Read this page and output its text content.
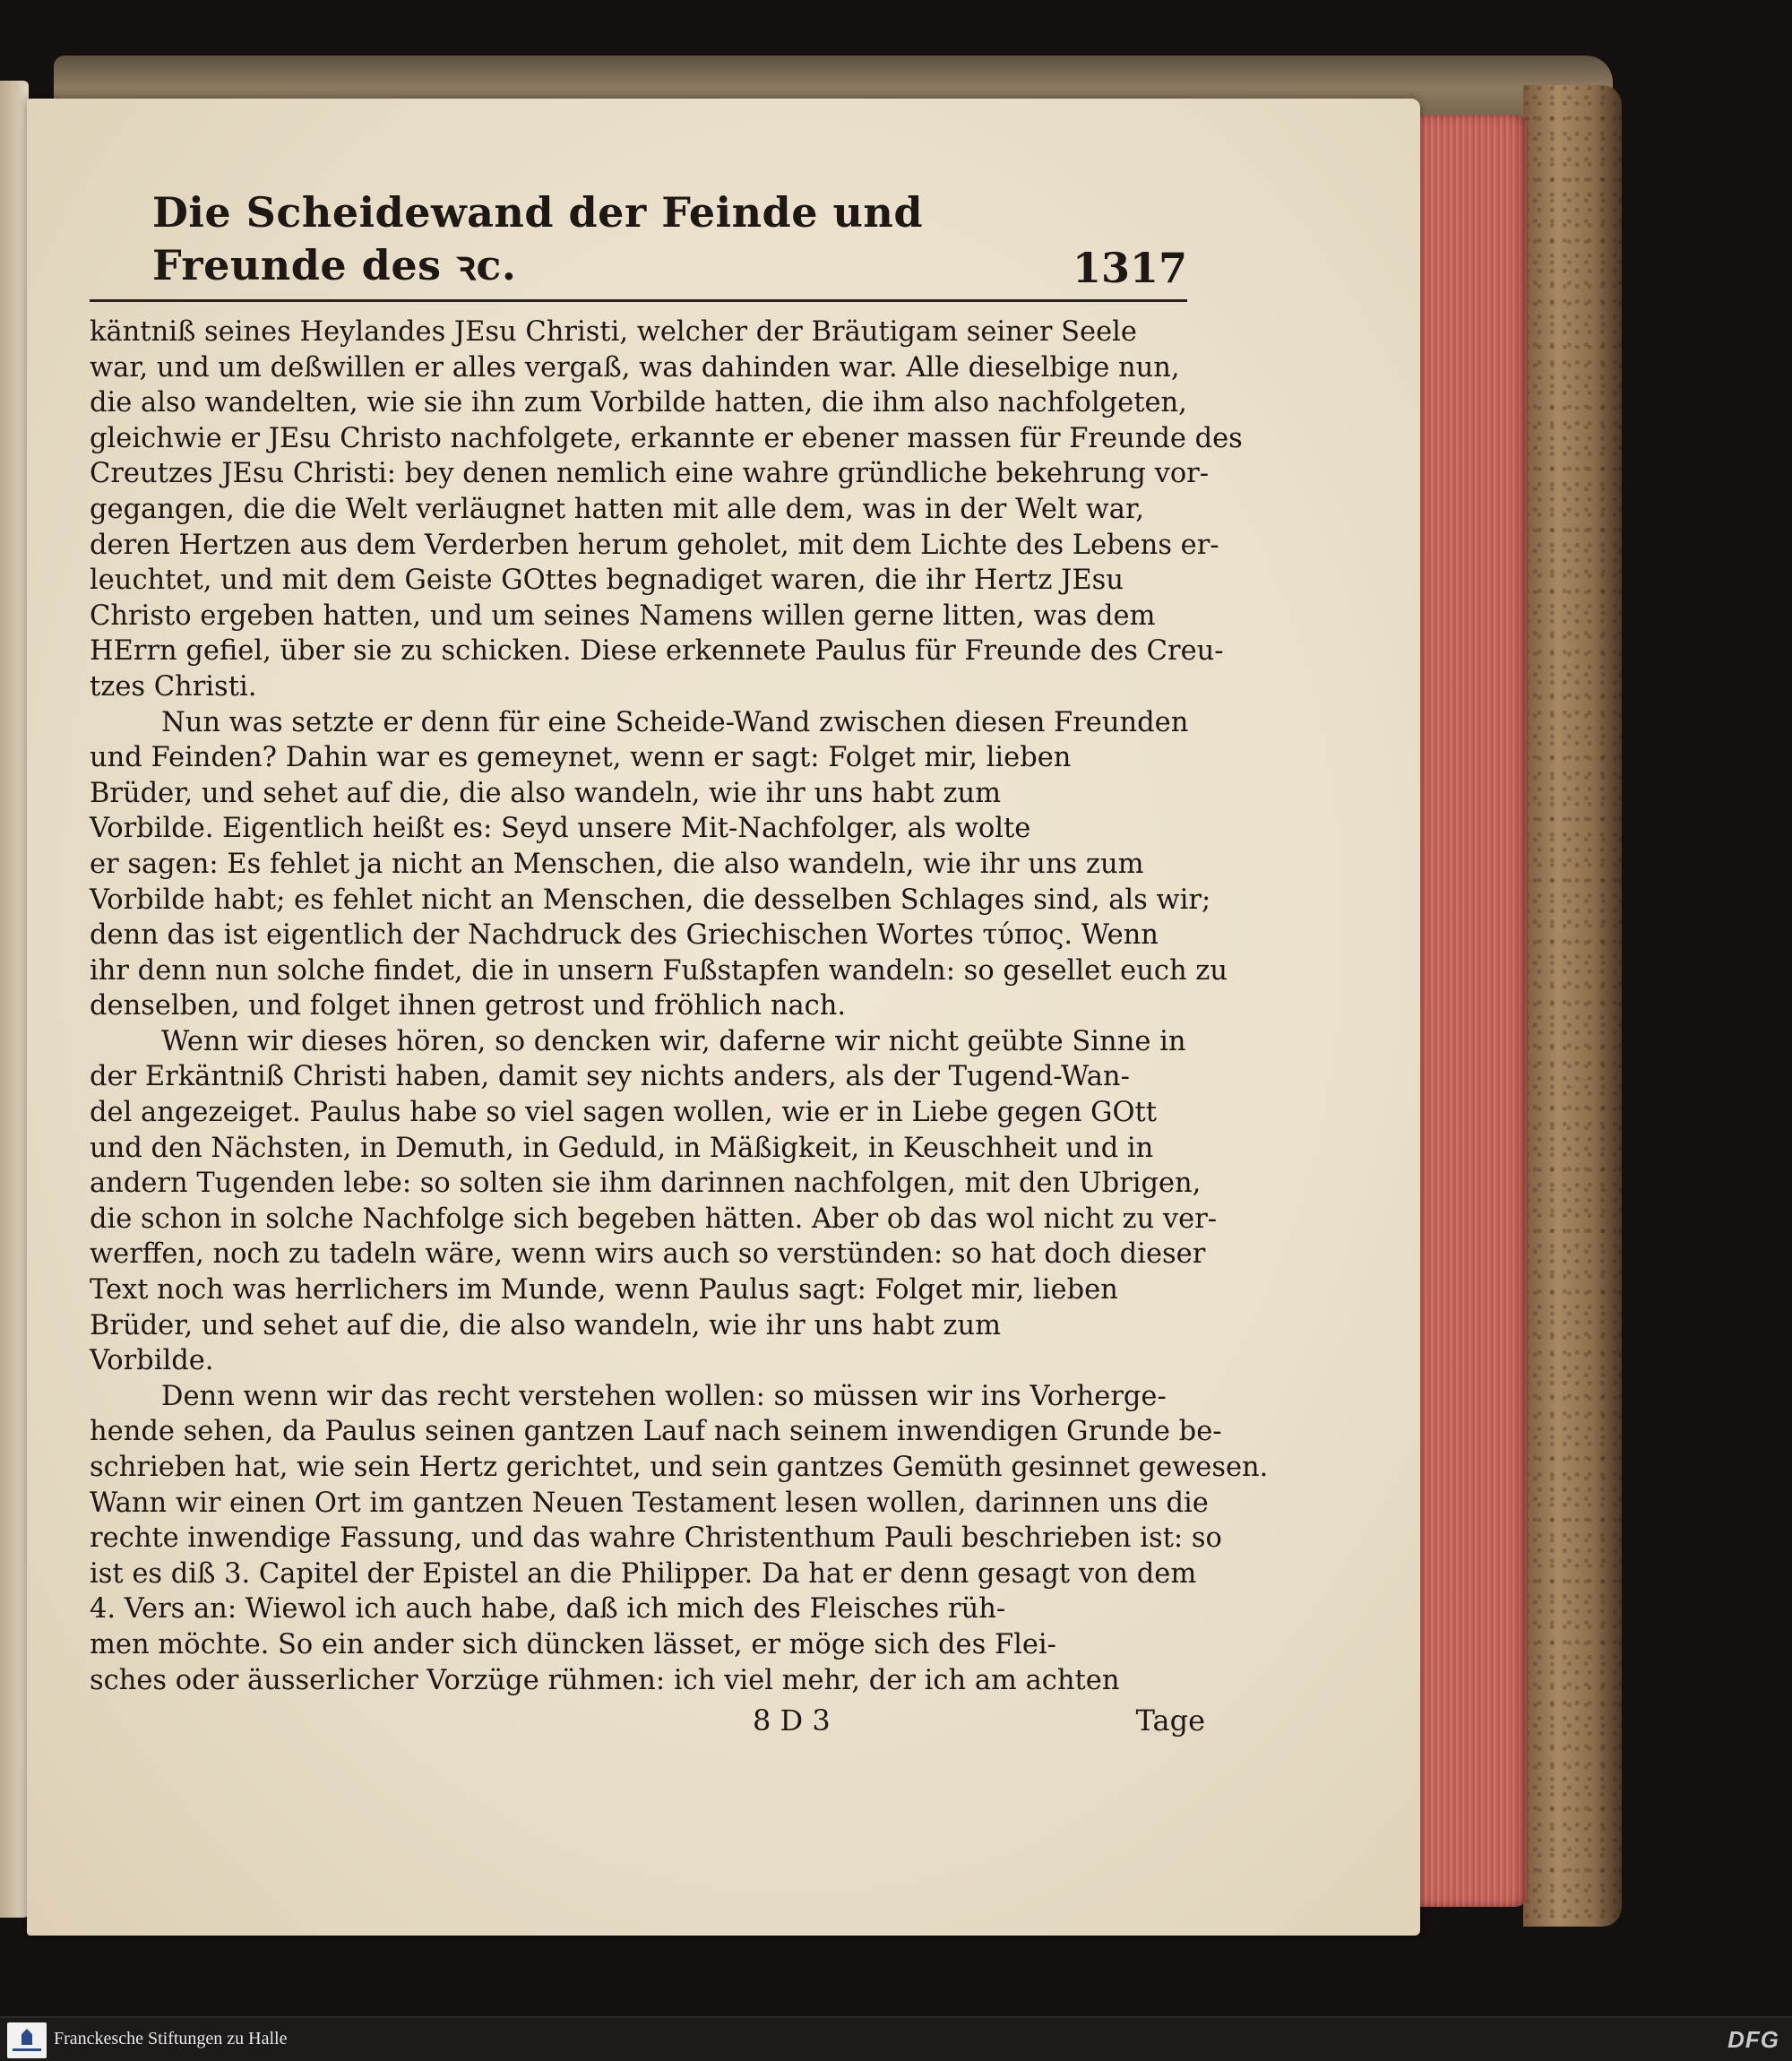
Die Scheidewand der Feinde und Freunde des ꝛc.	1317
käntniß seines Heylandes JEsu Christi, welcher der Bräutigam seiner Seele
war, und um deßwillen er alles vergaß, was dahinden war. Alle dieselbige nun,
die also wandelten, wie sie ihn zum Vorbilde hatten, die ihm also nachfolgeten,
gleichwie er JEsu Christo nachfolgete, erkannte er ebener massen für Freunde des
Creutzes JEsu Christi: bey denen nemlich eine wahre gründliche bekehrung vor-
gegangen, die die Welt verläugnet hatten mit alle dem, was in der Welt war,
deren Hertzen aus dem Verderben herum geholet, mit dem Lichte des Lebens er-
leuchtet, und mit dem Geiste GOttes begnadiget waren, die ihr Hertz JEsu
Christo ergeben hatten, und um seines Namens willen gerne litten, was dem
HErrn gefiel, über sie zu schicken. Diese erkennete Paulus für Freunde des Creu-
tzes Christi.
Nun was setzte er denn für eine Scheide-Wand zwischen diesen Freunden
und Feinden? Dahin war es gemeynet, wenn er sagt: Folget mir, lieben
Brüder, und sehet auf die, die also wandeln, wie ihr uns habt zum
Vorbilde. Eigentlich heißt es: Seyd unsere Mit-Nachfolger, als wolte
er sagen: Es fehlet ja nicht an Menschen, die also wandeln, wie ihr uns zum
Vorbilde habt; es fehlet nicht an Menschen, die desselben Schlages sind, als wir;
denn das ist eigentlich der Nachdruck des Griechischen Wortes τύπος. Wenn
ihr denn nun solche findet, die in unsern Fußstapfen wandeln: so gesellet euch zu
denselben, und folget ihnen getrost und fröhlich nach.
Wenn wir dieses hören, so dencken wir, daferne wir nicht geübte Sinne in
der Erkäntniß Christi haben, damit sey nichts anders, als der Tugend-Wan-
del angezeiget. Paulus habe so viel sagen wollen, wie er in Liebe gegen GOtt
und den Nächsten, in Demuth, in Geduld, in Mäßigkeit, in Keuschheit und in
andern Tugenden lebe: so solten sie ihm darinnen nachfolgen, mit den Ubrigen,
die schon in solche Nachfolge sich begeben hätten. Aber ob das wol nicht zu ver-
werffen, noch zu tadeln wäre, wenn wirs auch so verstünden: so hat doch dieser
Text noch was herrlichers im Munde, wenn Paulus sagt: Folget mir, lieben
Brüder, und sehet auf die, die also wandeln, wie ihr uns habt zum
Vorbilde.
Denn wenn wir das recht verstehen wollen: so müssen wir ins Vorherge-
hende sehen, da Paulus seinen gantzen Lauf nach seinem inwendigen Grunde be-
schrieben hat, wie sein Hertz gerichtet, und sein gantzes Gemüth gesinnet gewesen.
Wann wir einen Ort im gantzen Neuen Testament lesen wollen, darinnen uns die
rechte inwendige Fassung, und das wahre Christenthum Pauli beschrieben ist: so
ist es diß 3. Capitel der Epistel an die Philipper. Da hat er denn gesagt von dem
4. Vers an: Wiewol ich auch habe, daß ich mich des Fleisches rüh-
men möchte. So ein ander sich düncken lässet, er möge sich des Flei-
sches oder äusserlicher Vorzüge rühmen: ich viel mehr, der ich am achten
8 D 3	Tage
Franckesche Stiftungen zu Halle	DFG
